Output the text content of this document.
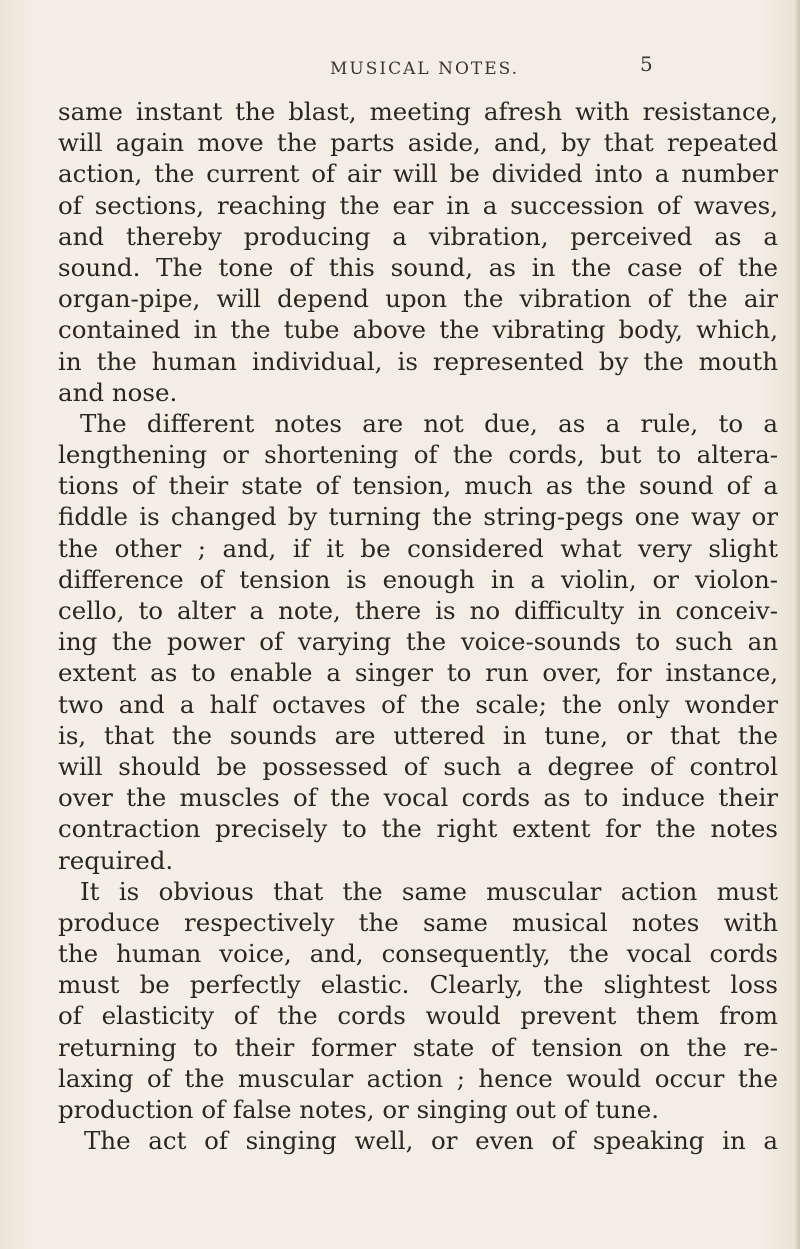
MUSICAL NOTES.	5
same instant the blast, meeting afresh with resistance,
will again move the parts aside, and, by that repeated
action, the current of air will be divided into a number
of sections, reaching the ear in a succession of waves,
and thereby producing a vibration, perceived as a
sound. The tone of this sound, as in the case of the
organ-pipe, will depend upon the vibration of the air
contained in the tube above the vibrating body, which,
in the human individual, is represented by the mouth
and nose.
The different notes are not due, as a rule, to a
lengthening or shortening of the cords, but to altera-
tions of their state of tension, much as the sound of a
fiddle is changed by turning the string-pegs one way or
the other ; and, if it be considered what very slight
difference of tension is enough in a violin, or violon-
cello, to alter a note, there is no difficulty in conceiv-
ing the power of varying the voice-sounds to such an
extent as to enable a singer to run over, for instance,
two and a half octaves of the scale; the only wonder
is, that the sounds are uttered in tune, or that the
will should be possessed of such a degree of control
over the muscles of the vocal cords as to induce their
contraction precisely to the right extent for the notes
required.
It is obvious that the same muscular action must
produce respectively the same musical notes with
the human voice, and, consequently, the vocal cords
must be perfectly elastic. Clearly, the slightest loss
of elasticity of the cords would prevent them from
returning to their former state of tension on the re-
laxing of the muscular action ; hence would occur the
production of false notes, or singing out of tune.
The act of singing well, or even of speaking in a
